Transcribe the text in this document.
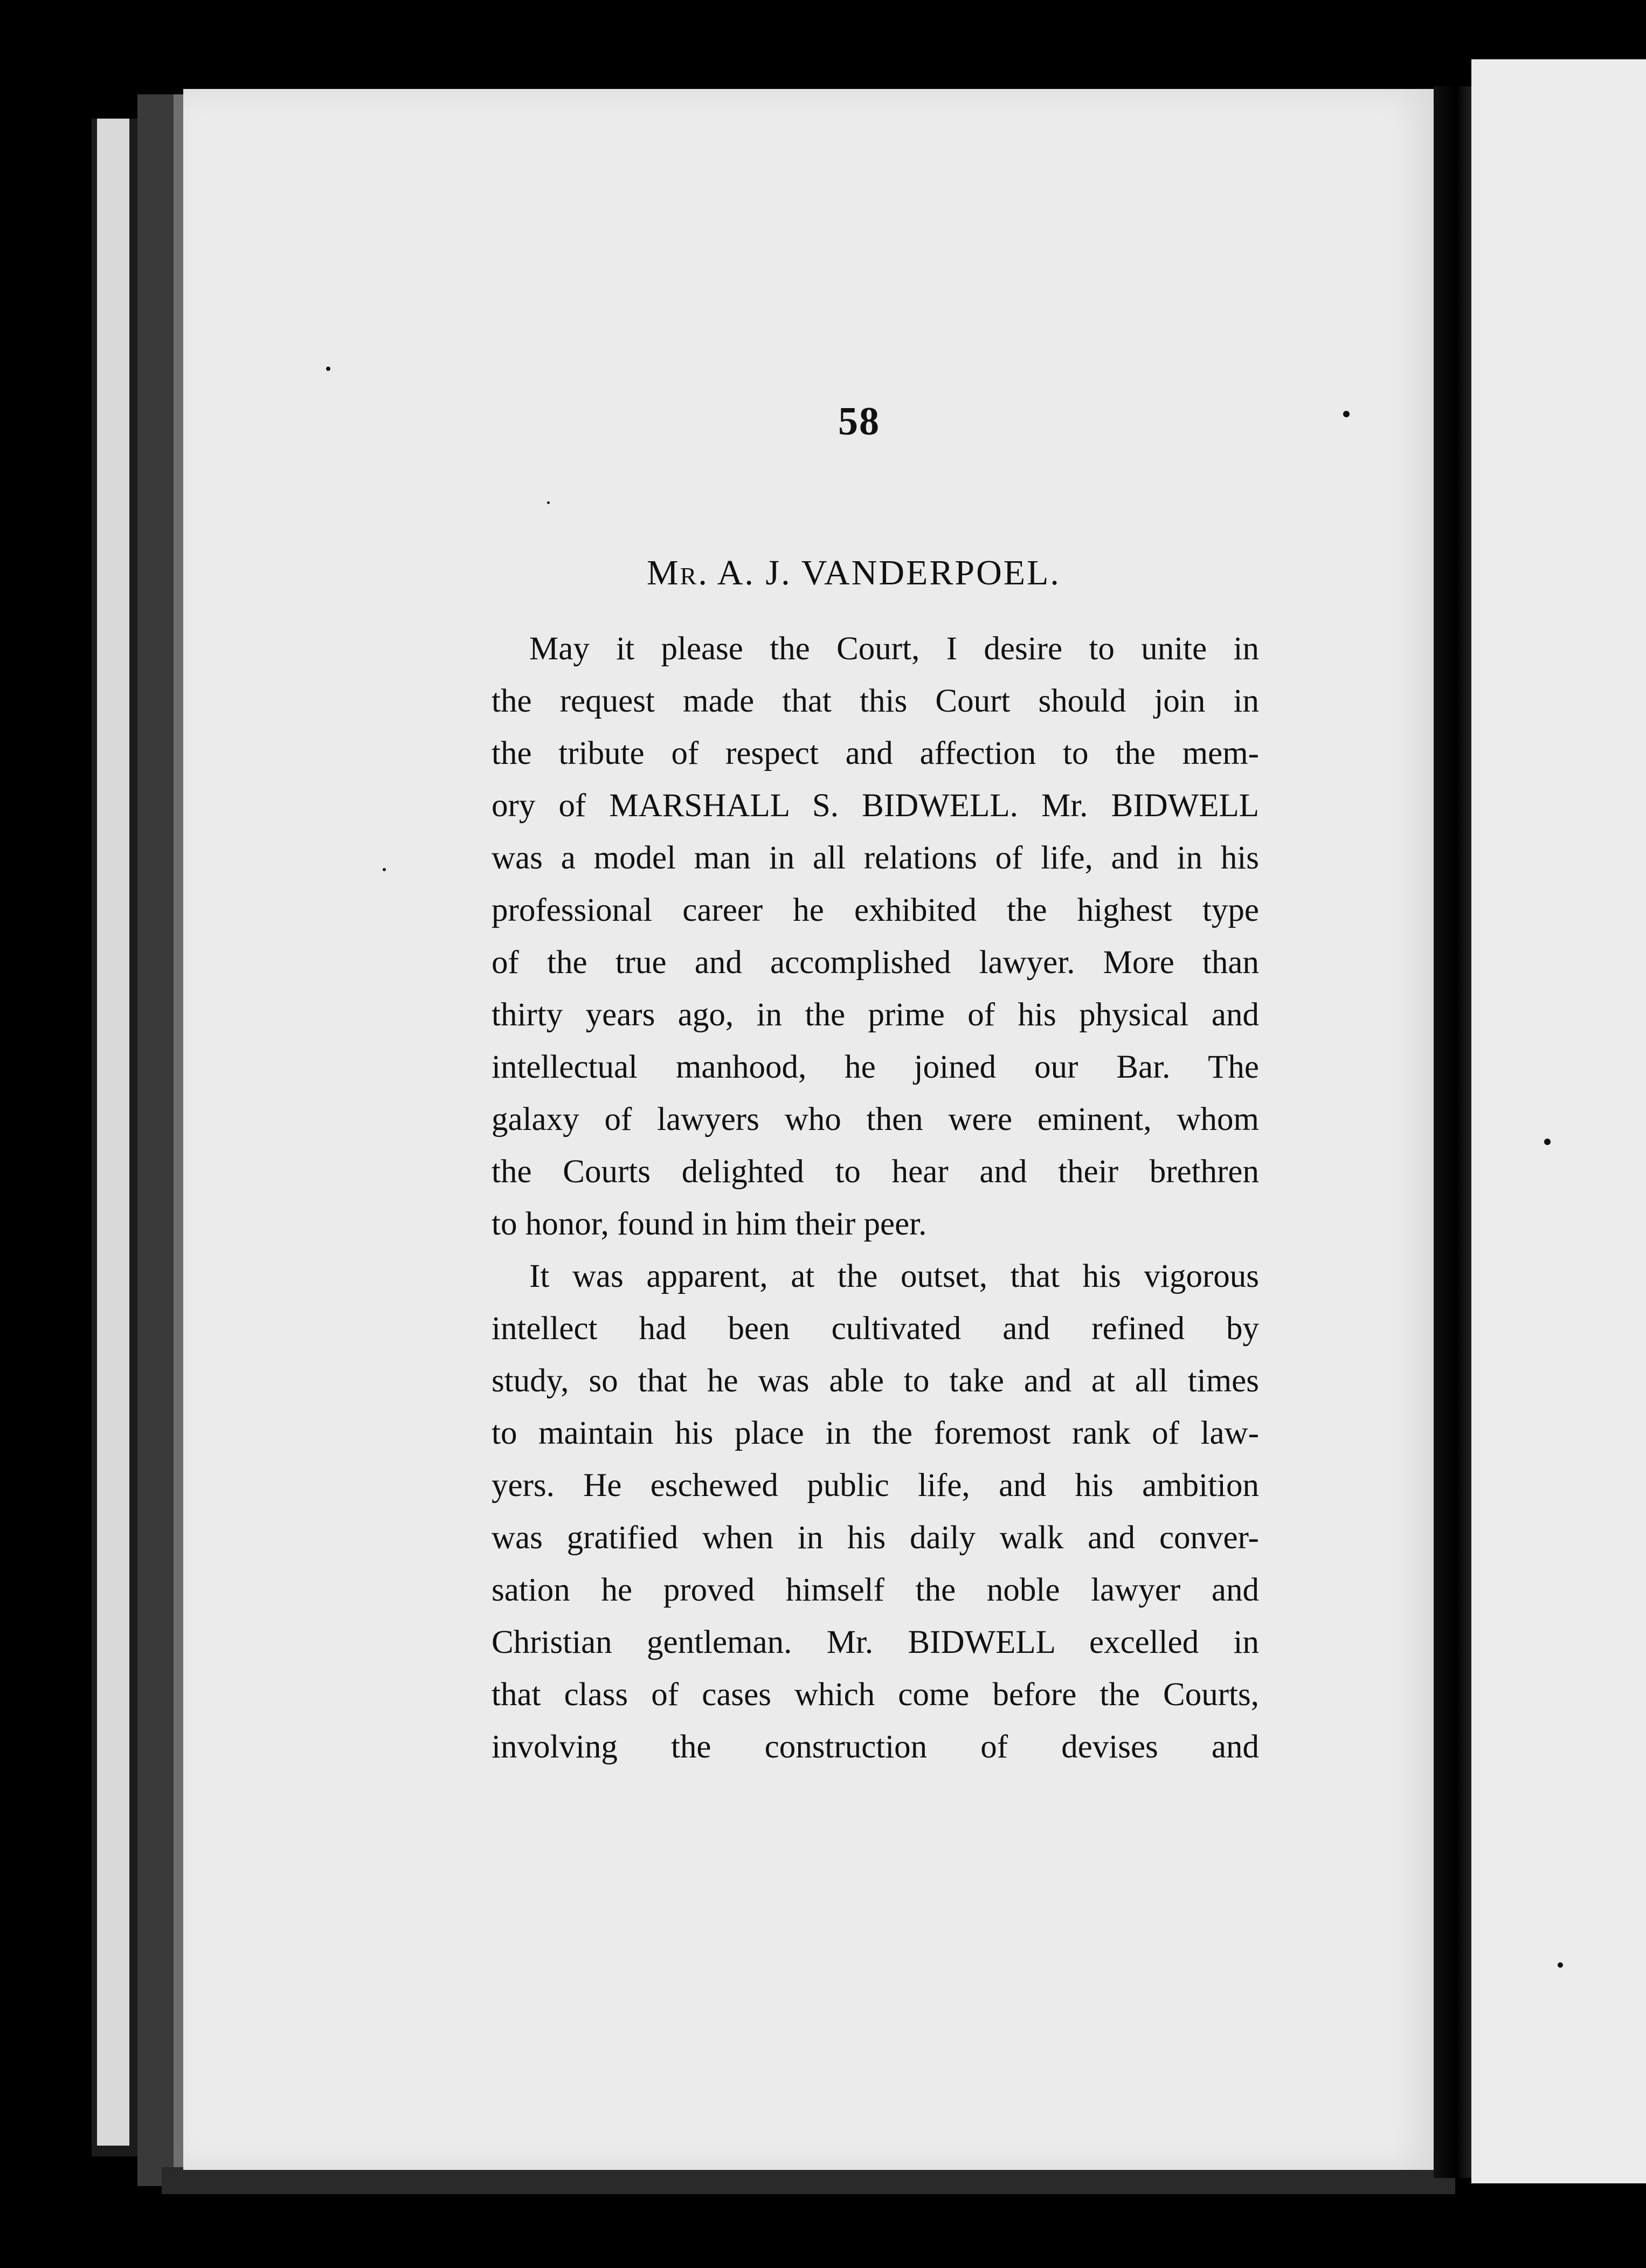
58
Mr. A. J. VANDERPOEL.
May it please the Court, I desire to unite in
the request made that this Court should join in
the tribute of respect and affection to the mem-
ory of MARSHALL S. BIDWELL. Mr. BIDWELL
was a model man in all relations of life, and in his
professional career he exhibited the highest type
of the true and accomplished lawyer. More than
thirty years ago, in the prime of his physical and
intellectual manhood, he joined our Bar. The
galaxy of lawyers who then were eminent, whom
the Courts delighted to hear and their brethren
to honor, found in him their peer.
It was apparent, at the outset, that his vigorous
intellect had been cultivated and refined by
study, so that he was able to take and at all times
to maintain his place in the foremost rank of law-
yers. He eschewed public life, and his ambition
was gratified when in his daily walk and conver-
sation he proved himself the noble lawyer and
Christian gentleman. Mr. BIDWELL excelled in
that class of cases which come before the Courts,
involving the construction of devises and
